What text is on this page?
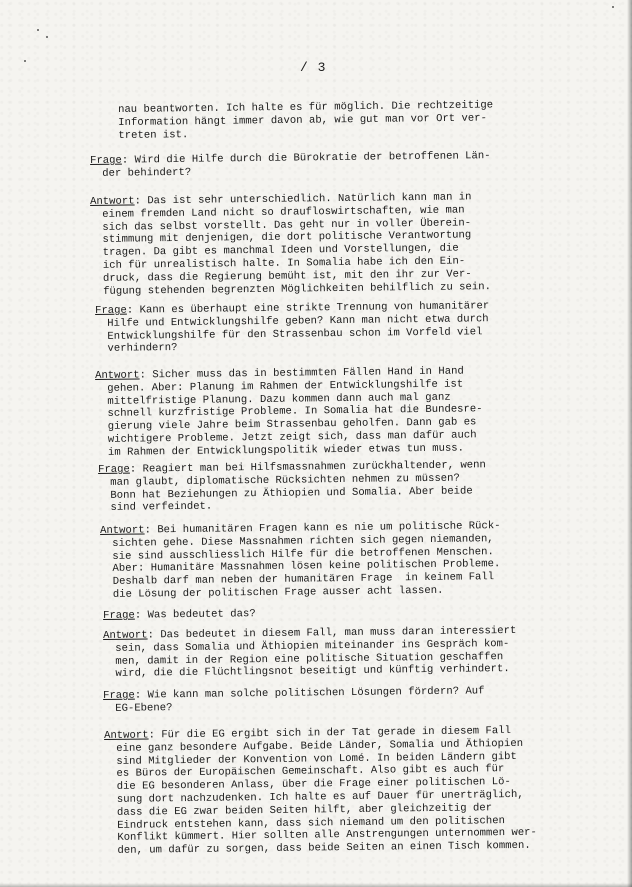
/ 3
nau beantworten. Ich halte es für möglich. Die rechtzeitige
Information hängt immer davon ab, wie gut man vor Ort ver-
treten ist.
Frage: Wird die Hilfe durch die Bürokratie der betroffenen Län-
der behindert?
Antwort: Das ist sehr unterschiedlich. Natürlich kann man in
einem fremden Land nicht so draufloswirtschaften, wie man
sich das selbst vorstellt. Das geht nur in voller Überein-
stimmung mit denjenigen, die dort politische Verantwortung
tragen. Da gibt es manchmal Ideen und Vorstellungen, die
ich für unrealistisch halte. In Somalia habe ich den Ein-
druck, dass die Regierung bemüht ist, mit den ihr zur Ver-
fügung stehenden begrenzten Möglichkeiten behilflich zu sein.
Frage: Kann es überhaupt eine strikte Trennung von humanitärer
Hilfe und Entwicklungshilfe geben? Kann man nicht etwa durch
Entwicklungshilfe für den Strassenbau schon im Vorfeld viel
verhindern?
Antwort: Sicher muss das in bestimmten Fällen Hand in Hand
gehen. Aber: Planung im Rahmen der Entwicklungshilfe ist
mittelfristige Planung. Dazu kommen dann auch mal ganz
schnell kurzfristige Probleme. In Somalia hat die Bundesre-
gierung viele Jahre beim Strassenbau geholfen. Dann gab es
wichtigere Probleme. Jetzt zeigt sich, dass man dafür auch
im Rahmen der Entwicklungspolitik wieder etwas tun muss.
Frage: Reagiert man bei Hilfsmassnahmen zurückhaltender, wenn
man glaubt, diplomatische Rücksichten nehmen zu müssen?
Bonn hat Beziehungen zu Äthiopien und Somalia. Aber beide
sind verfeindet.
Antwort: Bei humanitären Fragen kann es nie um politische Rück-
sichten gehe. Diese Massnahmen richten sich gegen niemanden,
sie sind ausschliesslich Hilfe für die betroffenen Menschen.
Aber: Humanitäre Massnahmen lösen keine politischen Probleme.
Deshalb darf man neben der humanitären Frage  in keinem Fall
die Lösung der politischen Frage ausser acht lassen.
Frage: Was bedeutet das?
Antwort: Das bedeutet in diesem Fall, man muss daran interessiert
sein, dass Somalia und Äthiopien miteinander ins Gespräch kom-
men, damit in der Region eine politische Situation geschaffen
wird, die die Flüchtlingsnot beseitigt und künftig verhindert.
Frage: Wie kann man solche politischen Lösungen fördern? Auf
EG-Ebene?
Antwort: Für die EG ergibt sich in der Tat gerade in diesem Fall
eine ganz besondere Aufgabe. Beide Länder, Somalia und Äthiopien
sind Mitglieder der Konvention von Lomé. In beiden Ländern gibt
es Büros der Europäischen Gemeinschaft. Also gibt es auch für
die EG besonderen Anlass, über die Frage einer politischen Lö-
sung dort nachzudenken. Ich halte es auf Dauer für unerträglich,
dass die EG zwar beiden Seiten hilft, aber gleichzeitig der
Eindruck entstehen kann, dass sich niemand um den politischen
Konflikt kümmert. Hier sollten alle Anstrengungen unternommen wer-
den, um dafür zu sorgen, dass beide Seiten an einen Tisch kommen.
